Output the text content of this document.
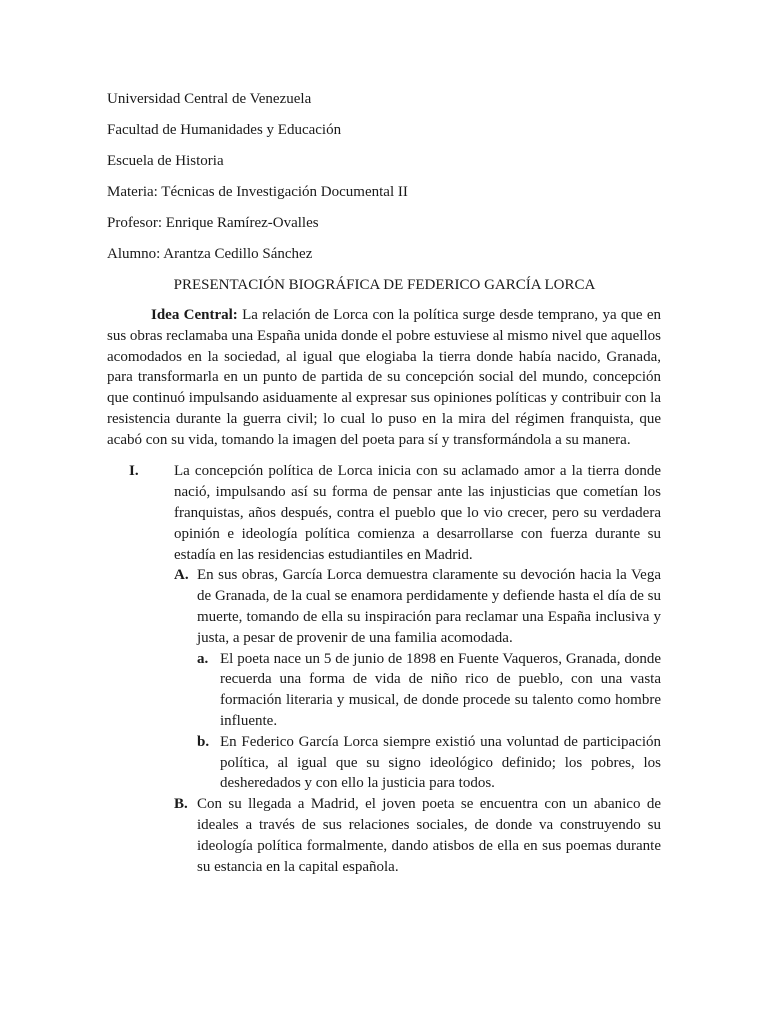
Universidad Central de Venezuela

Facultad de Humanidades y Educación

Escuela de Historia

Materia: Técnicas de Investigación Documental II

Profesor: Enrique Ramírez-Ovalles

Alumno: Arantza Cedillo Sánchez

PRESENTACIÓN BIOGRÁFICA DE FEDERICO GARCÍA LORCA

Idea Central: La relación de Lorca con la política surge desde temprano, ya que en sus obras reclamaba una España unida donde el pobre estuviese al mismo nivel que aquellos acomodados en la sociedad, al igual que elogiaba la tierra donde había nacido, Granada, para transformarla en un punto de partida de su concepción social del mundo, concepción que continuó impulsando asiduamente al expresar sus opiniones políticas y contribuir con la resistencia durante la guerra civil; lo cual lo puso en la mira del régimen franquista, que acabó con su vida, tomando la imagen del poeta para sí y transformándola a su manera.

I. La concepción política de Lorca inicia con su aclamado amor a la tierra donde nació, impulsando así su forma de pensar ante las injusticias que cometían los franquistas, años después, contra el pueblo que lo vio crecer, pero su verdadera opinión e ideología política comienza a desarrollarse con fuerza durante su estadía en las residencias estudiantiles en Madrid.
A. En sus obras, García Lorca demuestra claramente su devoción hacia la Vega de Granada, de la cual se enamora perdidamente y defiende hasta el día de su muerte, tomando de ella su inspiración para reclamar una España inclusiva y justa, a pesar de provenir de una familia acomodada.
a. El poeta nace un 5 de junio de 1898 en Fuente Vaqueros, Granada, donde recuerda una forma de vida de niño rico de pueblo, con una vasta formación literaria y musical, de donde procede su talento como hombre influente.
b. En Federico García Lorca siempre existió una voluntad de participación política, al igual que su signo ideológico definido; los pobres, los desheredados y con ello la justicia para todos.
B. Con su llegada a Madrid, el joven poeta se encuentra con un abanico de ideales a través de sus relaciones sociales, de donde va construyendo su ideología política formalmente, dando atisbos de ella en sus poemas durante su estancia en la capital española.
